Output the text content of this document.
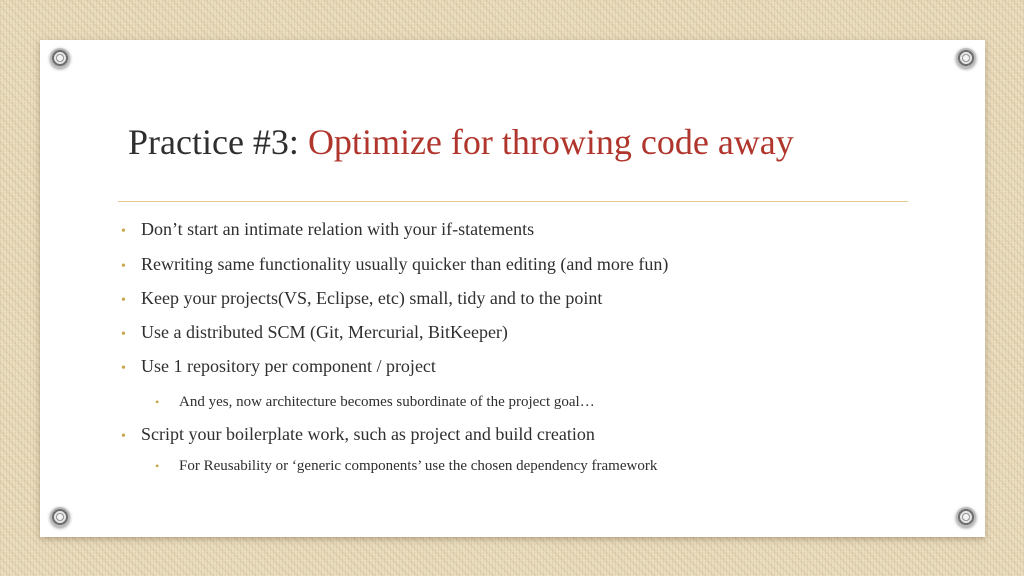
Practice #3: Optimize for throwing code away
• Don’t start an intimate relation with your if-statements
• Rewriting same functionality usually quicker than editing (and more fun)
• Keep your projects(VS, Eclipse, etc) small, tidy and to the point
• Use a distributed SCM (Git, Mercurial, BitKeeper)
• Use 1 repository per component / project
• And yes, now architecture becomes subordinate of the project goal…
• Script your boilerplate work, such as project and build creation
• For Reusability or ‘generic components’ use the chosen dependency framework
